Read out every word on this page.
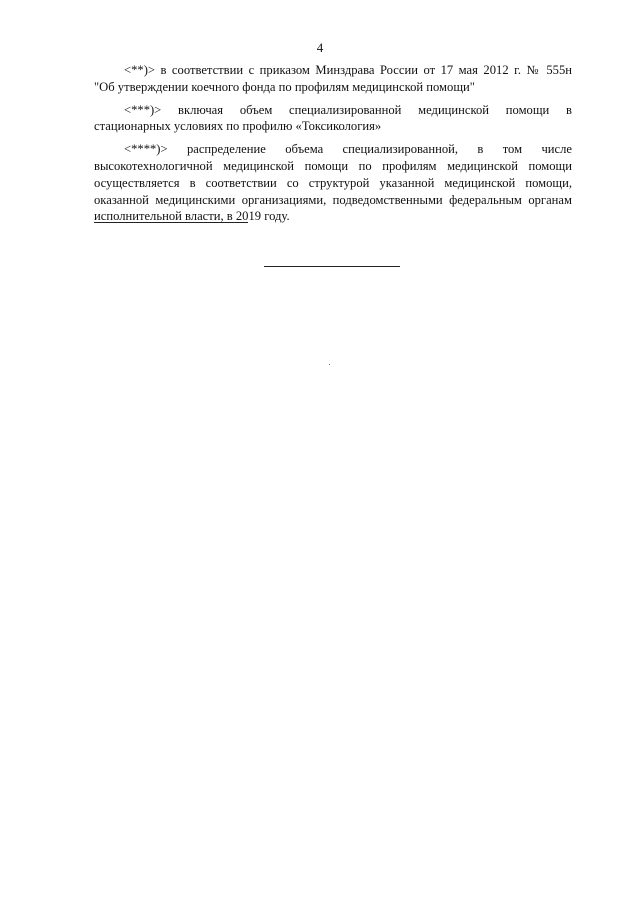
4
<**)> в соответствии с приказом Минздрава России от 17 мая 2012 г. № 555н
"Об утверждении коечного фонда по профилям медицинской помощи"
<***)> включая объем специализированной медицинской помощи в
стационарных условиях по профилю «Токсикология»
<****)> распределение объема специализированной, в том числе
высокотехнологичной медицинской помощи по профилям медицинской помощи
осуществляется в соответствии со структурой указанной медицинской помощи,
оказанной медицинскими организациями, подведомственными федеральным органам
исполнительной власти, в 2019 году.
